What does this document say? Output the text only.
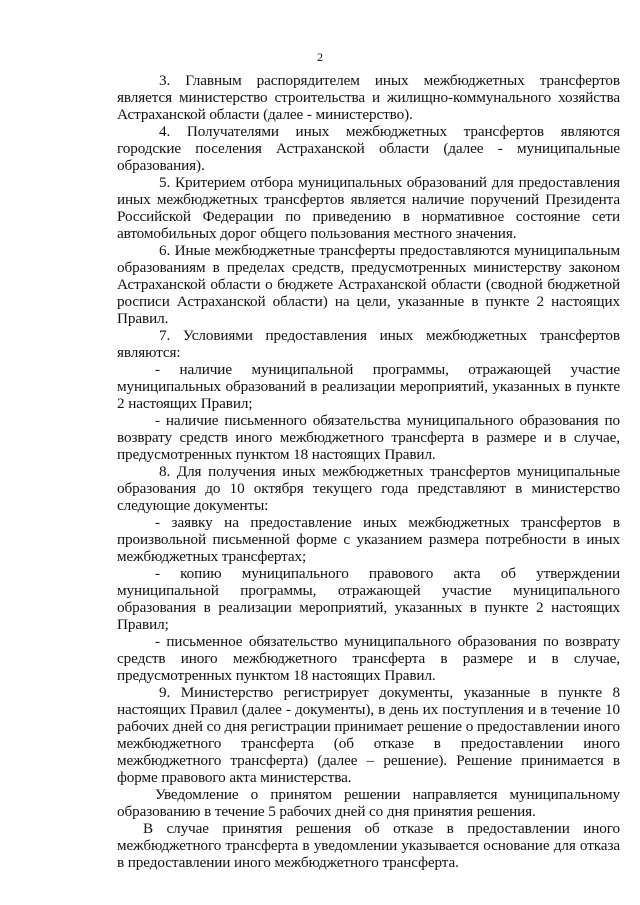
2

3. Главным распорядителем иных межбюджетных трансфертов является министерство строительства и жилищно-коммунального хозяйства Астраханской области (далее - министерство).

4. Получателями иных межбюджетных трансфертов являются городские поселения Астраханской области (далее - муниципальные образования).

5. Критерием отбора муниципальных образований для предоставления иных межбюджетных трансфертов является наличие поручений Президента Российской Федерации по приведению в нормативное состояние сети автомобильных дорог общего пользования местного значения.

6. Иные межбюджетные трансферты предоставляются муниципальным образованиям в пределах средств, предусмотренных министерству законом Астраханской области о бюджете Астраханской области (сводной бюджетной росписи Астраханской области) на цели, указанные в пункте 2 настоящих Правил.

7. Условиями предоставления иных межбюджетных трансфертов являются:

- наличие муниципальной программы, отражающей участие муниципальных образований в реализации мероприятий, указанных в пункте 2 настоящих Правил;

- наличие письменного обязательства муниципального образования по возврату средств иного межбюджетного трансферта в размере и в случае, предусмотренных пунктом 18 настоящих Правил.

8. Для получения иных межбюджетных трансфертов муниципальные образования до 10 октября текущего года представляют в министерство следующие документы:

- заявку на предоставление иных межбюджетных трансфертов в произвольной письменной форме с указанием размера потребности в иных межбюджетных трансфертах;

- копию муниципального правового акта об утверждении муниципальной программы, отражающей участие муниципального образования в реализации мероприятий, указанных в пункте 2 настоящих Правил;

- письменное обязательство муниципального образования по возврату средств иного межбюджетного трансферта в размере и в случае, предусмотренных пунктом 18 настоящих Правил.

9. Министерство регистрирует документы, указанные в пункте 8 настоящих Правил (далее - документы), в день их поступления и в течение 10 рабочих дней со дня регистрации принимает решение о предоставлении иного межбюджетного трансферта (об отказе в предоставлении иного межбюджетного трансферта) (далее – решение). Решение принимается в форме правового акта министерства.

Уведомление о принятом решении направляется муниципальному образованию в течение 5 рабочих дней со дня принятия решения.

В случае принятия решения об отказе в предоставлении иного межбюджетного трансферта в уведомлении указывается основание для отказа в предоставлении иного межбюджетного трансферта.
